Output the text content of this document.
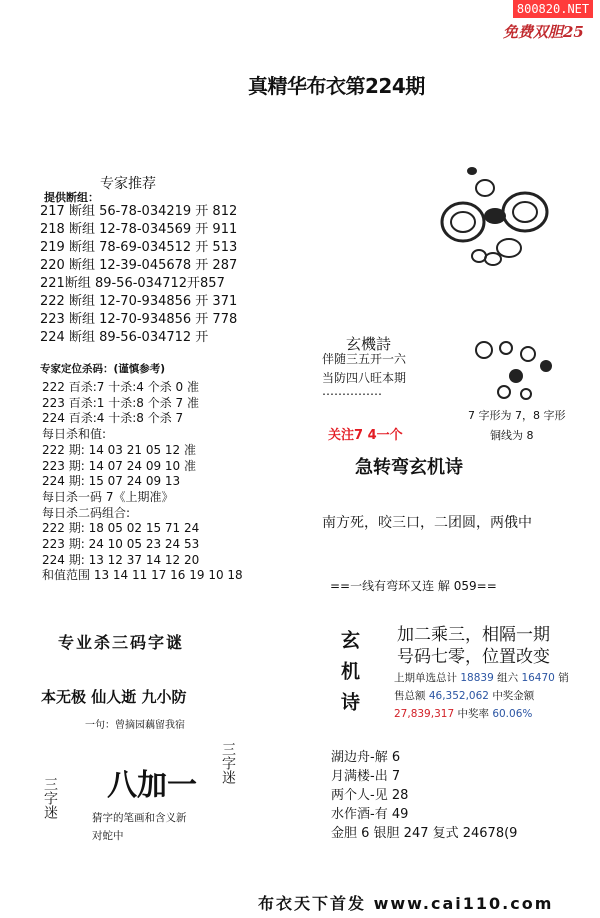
800820.NET
免费双胆25
真精华布衣第224期
专家推荐
提供断组：
217 断组 56-78-034219 开 812
218 断组 12-78-034569 开 911
219 断组 78-69-034512 开 513
220 断组 12-39-045678 开 287
221断组 89-56-034712开857
222 断组 12-70-934856 开 371
223 断组 12-70-934856 开 778
224 断组 89-56-034712 开
专家定位杀码：(谨慎参考)
222 百杀:7 十杀:4 个杀 0 准
223 百杀:1 十杀:8 个杀 7 准
224 百杀:4 十杀:8 个杀 7
每日杀和值:
222 期: 14 03 21 05 12 准
223 期: 14 07 24 09 10 准
224 期: 15 07 24 09 13
每日杀一码 7《上期准》
每日杀二码组合:
222 期: 18 05 02 15 71 24
223 期: 24 10 05 23 24 53
224 期: 13 12 37 14 12 20
和值范围 13 14 11 17 16 19 10 18
专业杀三码字谜
本无极 仙人逝 九小防
一句：曾摘园藕留我宿
八加一
三字迷
三字迷	猜字的笔画和含义新
对蛇中
玄機詩
伴随三五开一六
当防四八旺本期
……………
7 字形为 7，8 字形
铜线为 8
关注7 4一个
急转弯玄机诗
南方死，咬三口，二团圆，两俄中
==一线有弯环又连 解 059==
玄机诗	加二乘三，相隔一期
号码七零，位置改变
上期单选总计 18839 组六 16470 销
售总额 46,352,062 中奖金额
27,839,317 中奖率 60.06%
湖边舟-解 6
月满楼-出 7
两个人-见 28
水作酒-有 49
金胆 6 银胆 247 复式 24678(9
布衣天下首发 www.cai110.com
